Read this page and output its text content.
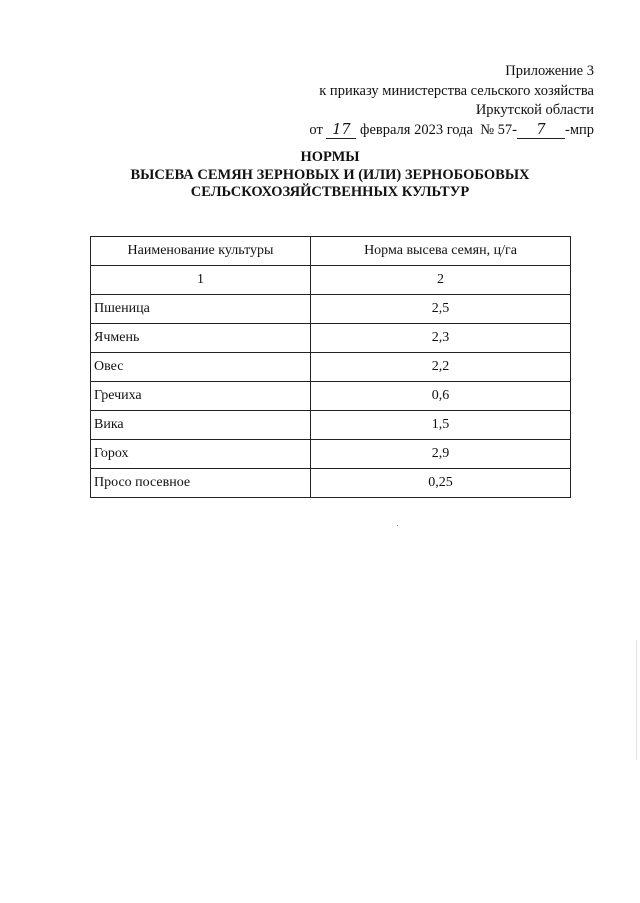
Приложение 3
к приказу министерства сельского хозяйства
Иркутской области
от 17 февраля 2023 года № 57- 7 -мпр
НОРМЫ
ВЫСЕВА СЕМЯН ЗЕРНОВЫХ И (ИЛИ) ЗЕРНОБОБОВЫХ
СЕЛЬСКОХОЗЯЙСТВЕННЫХ КУЛЬТУР
Наименование культуры	Норма высева семян, ц/га
1	2
Пшеница	2,5
Ячмень	2,3
Овес	2,2
Гречиха	0,6
Вика	1,5
Горох	2,9
Просо посевное	0,25
